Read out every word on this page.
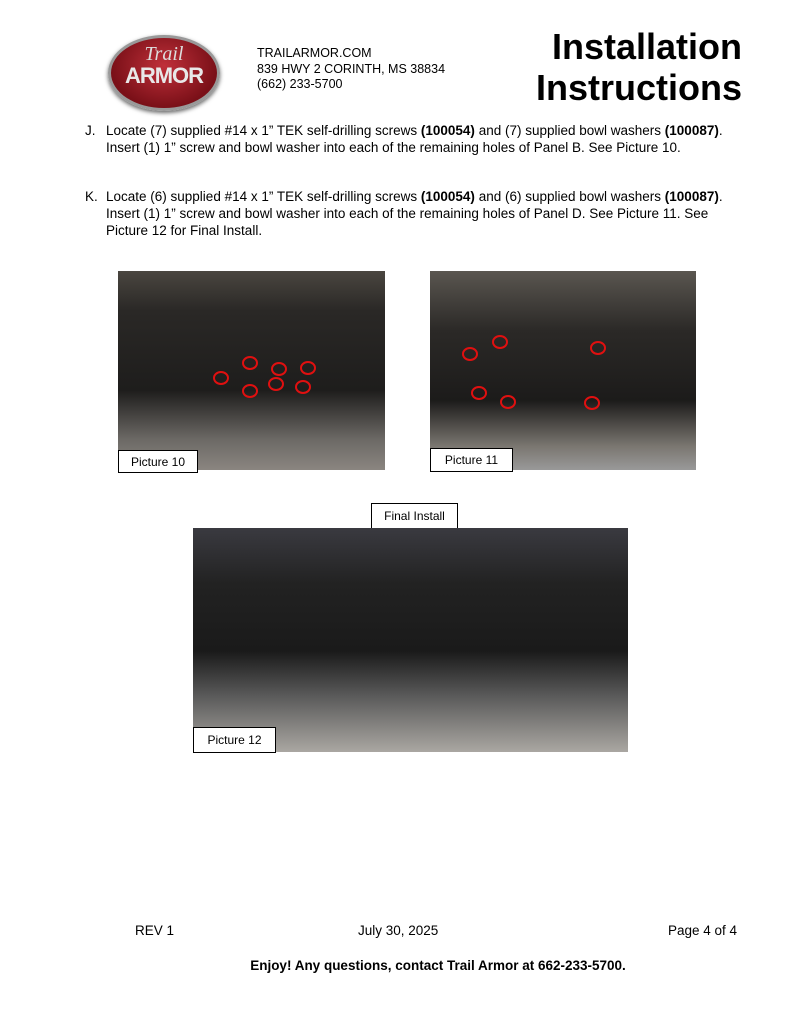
Trail
ARMOR
TRAILARMOR.COM
839 HWY 2 CORINTH, MS 38834
(662) 233-5700
Installation
Instructions
J. Locate (7) supplied #14 x 1” TEK self-drilling screws (100054) and (7) supplied bowl washers (100087). Insert (1) 1” screw and bowl washer into each of the remaining holes of Panel B. See Picture 10.
K. Locate (6) supplied #14 x 1” TEK self-drilling screws (100054) and (6) supplied bowl washers (100087). Insert (1) 1” screw and bowl washer into each of the remaining holes of Panel D. See Picture 11. See Picture 12 for Final Install.
Picture 10	Picture 11
Final Install
Picture 12
REV 1	July 30, 2025	Page 4 of 4
Enjoy! Any questions, contact Trail Armor at 662-233-5700.
